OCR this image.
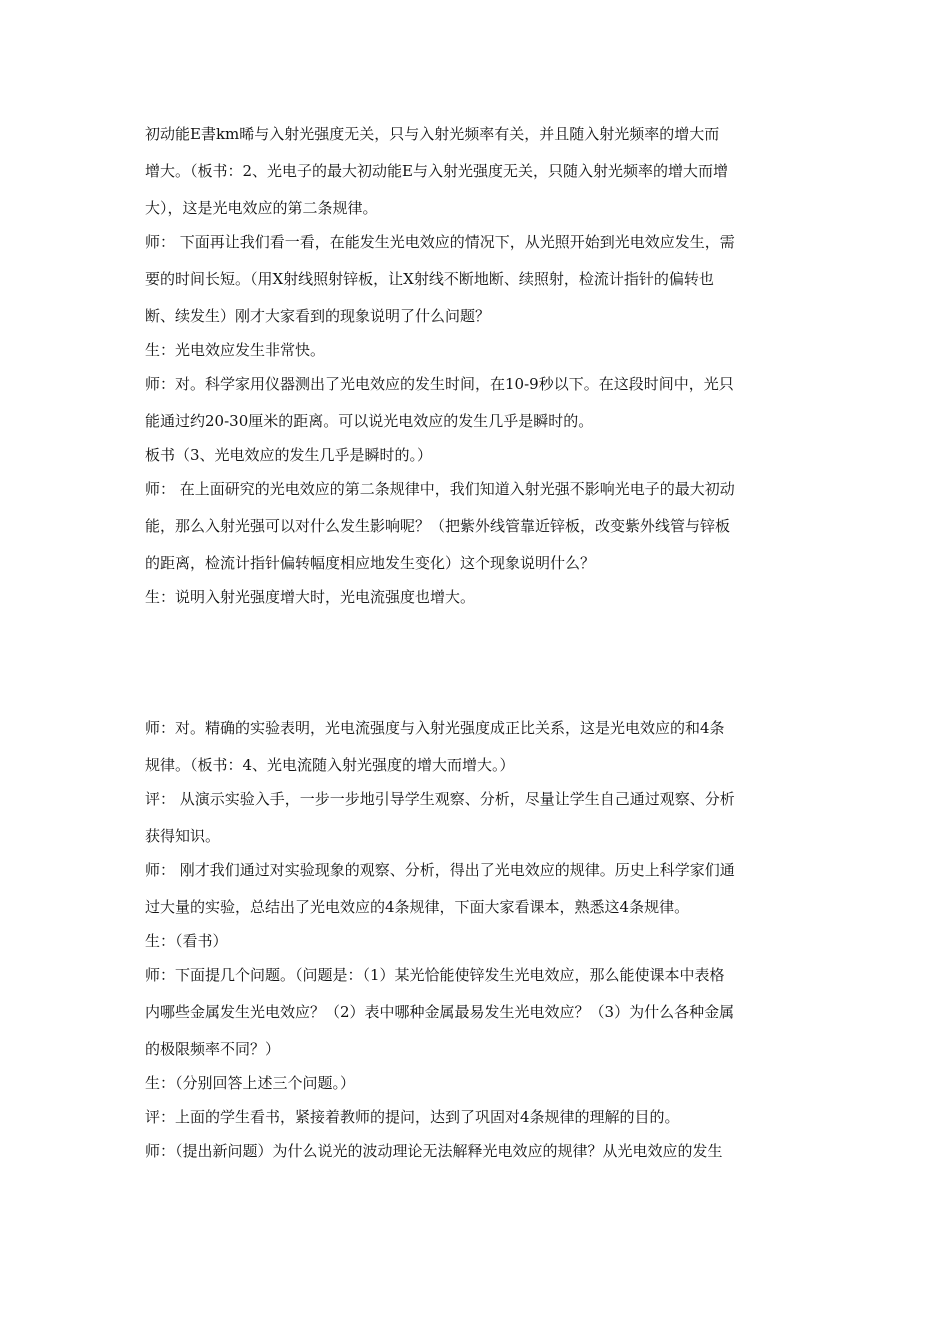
初动能E書km晞与入射光强度无关，只与入射光频率有关，并且随入射光频率的增大而
增大。（板书：2、光电子的最大初动能E与入射光强度无关，只随入射光频率的增大而增
大），这是光电效应的第二条规律。
师： 下面再让我们看一看，在能发生光电效应的情况下，从光照开始到光电效应发生，需
要的时间长短。（用X射线照射锌板，让X射线不断地断、续照射，检流计指针的偏转也
断、续发生）刚才大家看到的现象说明了什么问题？
生：光电效应发生非常快。
师：对。科学家用仪器测出了光电效应的发生时间，在10-9秒以下。在这段时间中，光只
能通过约20-30厘米的距离。可以说光电效应的发生几乎是瞬时的。
板书（3、光电效应的发生几乎是瞬时的。）
师： 在上面研究的光电效应的第二条规律中，我们知道入射光强不影响光电子的最大初动
能，那么入射光强可以对什么发生影响呢？（把紫外线管靠近锌板，改变紫外线管与锌板
的距离，检流计指针偏转幅度相应地发生变化）这个现象说明什么？
生：说明入射光强度增大时，光电流强度也增大。
师：对。精确的实验表明，光电流强度与入射光强度成正比关系，这是光电效应的和4条
规律。（板书：4、光电流随入射光强度的增大而增大。）
评： 从演示实验入手，一步一步地引导学生观察、分析，尽量让学生自己通过观察、分析
获得知识。
师： 刚才我们通过对实验现象的观察、分析，得出了光电效应的规律。历史上科学家们通
过大量的实验，总结出了光电效应的4条规律，下面大家看课本，熟悉这4条规律。
生：（看书）
师：下面提几个问题。（问题是：（1）某光恰能使锌发生光电效应，那么能使课本中表格
内哪些金属发生光电效应？（2）表中哪种金属最易发生光电效应？（3）为什么各种金属
的极限频率不同？）
生：（分别回答上述三个问题。）
评：上面的学生看书，紧接着教师的提问，达到了巩固对4条规律的理解的目的。
师：（提出新问题）为什么说光的波动理论无法解释光电效应的规律？从光电效应的发生
